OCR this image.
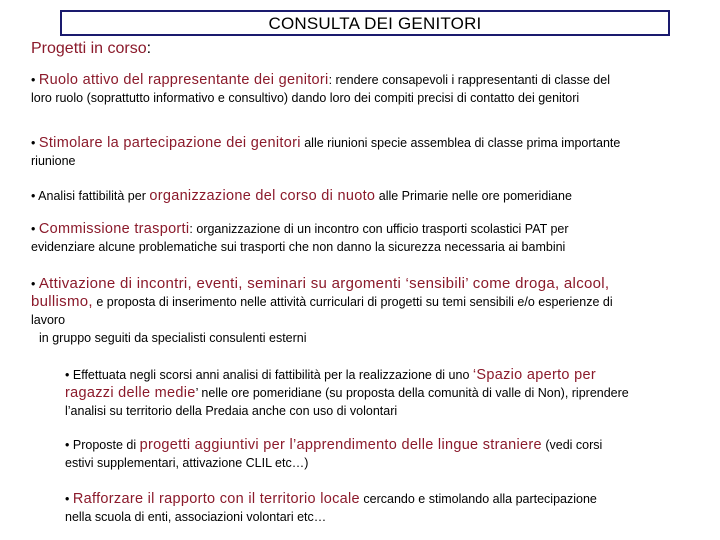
CONSULTA DEI GENITORI
Progetti in corso:
• Ruolo attivo del rappresentante dei genitori: rendere consapevoli i rappresentanti di classe del
loro ruolo (soprattutto informativo e consultivo) dando loro dei compiti precisi di contatto dei genitori
• Stimolare la partecipazione dei genitori alle riunioni specie assemblea di classe prima importante
riunione
• Analisi fattibilità per organizzazione del corso di nuoto alle Primarie nelle ore pomeridiane
• Commissione trasporti: organizzazione di un incontro con ufficio trasporti scolastici PAT per
evidenziare alcune problematiche sui trasporti che non danno la sicurezza necessaria ai bambini
• Attivazione di incontri, eventi, seminari su argomenti ‘sensibili’ come droga, alcool,
bullismo, e proposta di inserimento nelle attività curriculari di progetti su temi sensibili e/o esperienze di
lavoro
in gruppo seguiti da specialisti consulenti esterni
• Effettuata negli scorsi anni analisi di fattibilità per la realizzazione di uno ‘Spazio aperto per
ragazzi delle medie’ nelle ore pomeridiane (su proposta della comunità di valle di Non), riprendere
l’analisi su territorio della Predaia anche con uso di volontari
• Proposte di progetti aggiuntivi per l’apprendimento delle lingue straniere (vedi corsi
estivi supplementari, attivazione CLIL etc…)
• Rafforzare il rapporto con il territorio locale cercando e stimolando alla partecipazione
nella scuola di enti, associazioni volontari etc…
